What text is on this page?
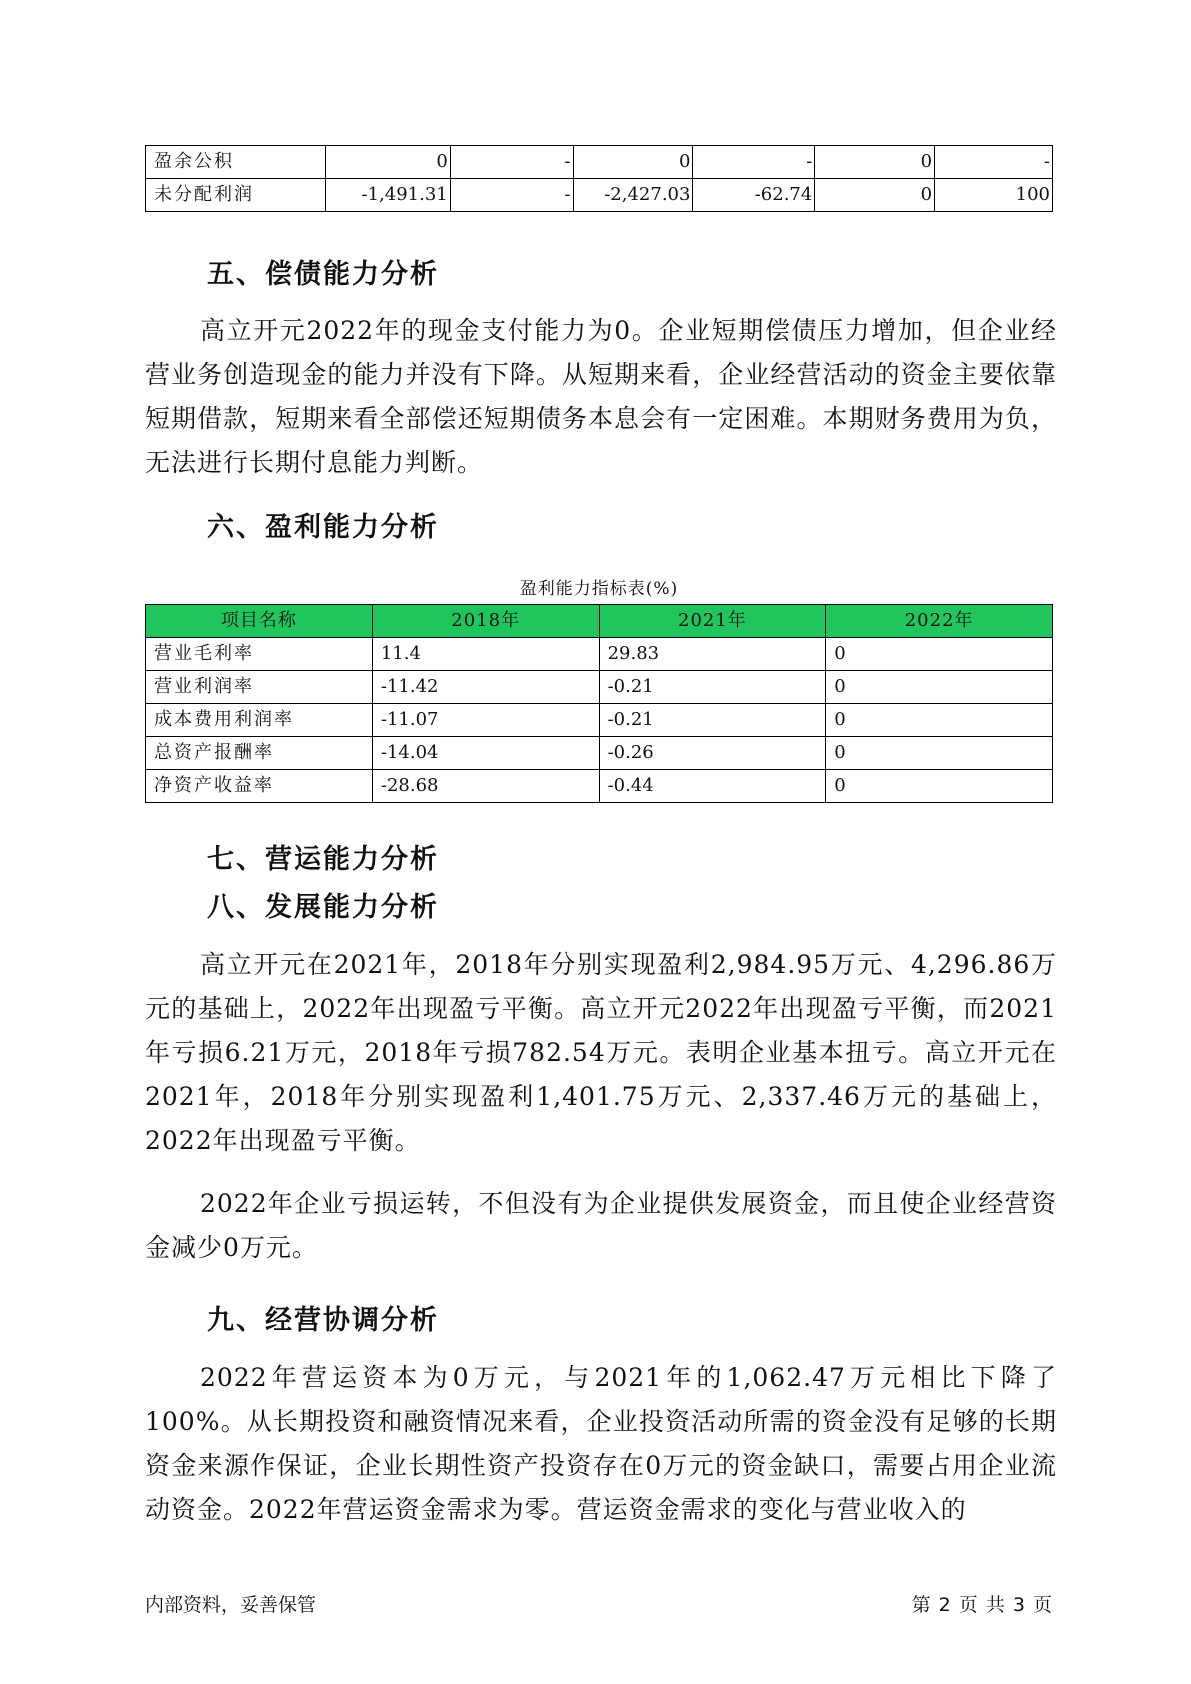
盈余公积	0	-	0	-	0	-
未分配利润	-1,491.31	-	-2,427.03	-62.74	0	100
五、偿债能力分析

高立开元2022年的现金支付能力为0。企业短期偿债压力增加，但企业经营业务创造现金的能力并没有下降。从短期来看，企业经营活动的资金主要依靠短期借款，短期来看全部偿还短期债务本息会有一定困难。本期财务费用为负，无法进行长期付息能力判断。

六、盈利能力分析
盈利能力指标表(%)
项目名称	2018年	2021年	2022年
营业毛利率	11.4	29.83	0
营业利润率	-11.42	-0.21	0
成本费用利润率	-11.07	-0.21	0
总资产报酬率	-14.04	-0.26	0
净资产收益率	-28.68	-0.44	0
七、营运能力分析
八、发展能力分析

高立开元在2021年，2018年分别实现盈利2,984.95万元、4,296.86万元的基础上，2022年出现盈亏平衡。高立开元2022年出现盈亏平衡，而2021年亏损6.21万元，2018年亏损782.54万元。表明企业基本扭亏。高立开元在2021年，2018年分别实现盈利1,401.75万元、2,337.46万元的基础上，2022年出现盈亏平衡。

2022年企业亏损运转，不但没有为企业提供发展资金，而且使企业经营资金减少0万元。

九、经营协调分析

2022年营运资本为0万元，与2021年的1,062.47万元相比下降了100%。从长期投资和融资情况来看，企业投资活动所需的资金没有足够的长期资金来源作保证，企业长期性资产投资存在0万元的资金缺口，需要占用企业流动资金。2022年营运资金需求为零。营运资金需求的变化与营业收入的

内部资料，妥善保管	第 2 页 共 3 页
